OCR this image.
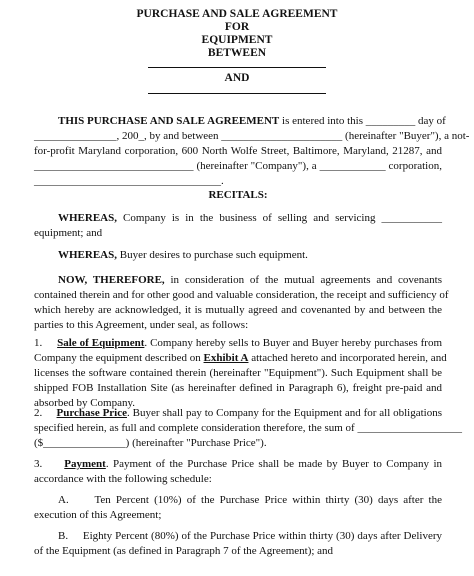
PURCHASE AND SALE AGREEMENT
FOR
EQUIPMENT
BETWEEN
AND
THIS PURCHASE AND SALE AGREEMENT is entered into this _________ day of
_______________, 200_, by and between ______________________ (hereinafter "Buyer"), a not-
for-profit Maryland corporation, 600 North Wolfe Street, Baltimore, Maryland, 21287, and
_____________________________ (hereinafter "Company"), a ____________ corporation,
__________________________________.
RECITALS:
WHEREAS, Company is in the business of selling and servicing ___________
equipment; and
WHEREAS, Buyer desires to purchase such equipment.
NOW, THEREFORE, in consideration of the mutual agreements and covenants
contained therein and for other good and valuable consideration, the receipt and sufficiency of
which hereby are acknowledged, it is mutually agreed and covenanted by and between the
parties to this Agreement, under seal, as follows:
1. Sale of Equipment. Company hereby sells to Buyer and Buyer hereby purchases from
Company the equipment described on Exhibit A attached hereto and incorporated herein, and
licenses the software contained therein (hereinafter "Equipment"). Such Equipment shall be
shipped FOB Installation Site (as hereinafter defined in Paragraph 6), freight pre-paid and
absorbed by Company.
2. Purchase Price. Buyer shall pay to Company for the Equipment and for all obligations
specified herein, as full and complete consideration therefore, the sum of ___________________
($_______________) (hereinafter "Purchase Price").
3. Payment. Payment of the Purchase Price shall be made by Buyer to Company in
accordance with the following schedule:
A. Ten Percent (10%) of the Purchase Price within thirty (30) days after the
execution of this Agreement;
B. Eighty Percent (80%) of the Purchase Price within thirty (30) days after Delivery
of the Equipment (as defined in Paragraph 7 of the Agreement); and
